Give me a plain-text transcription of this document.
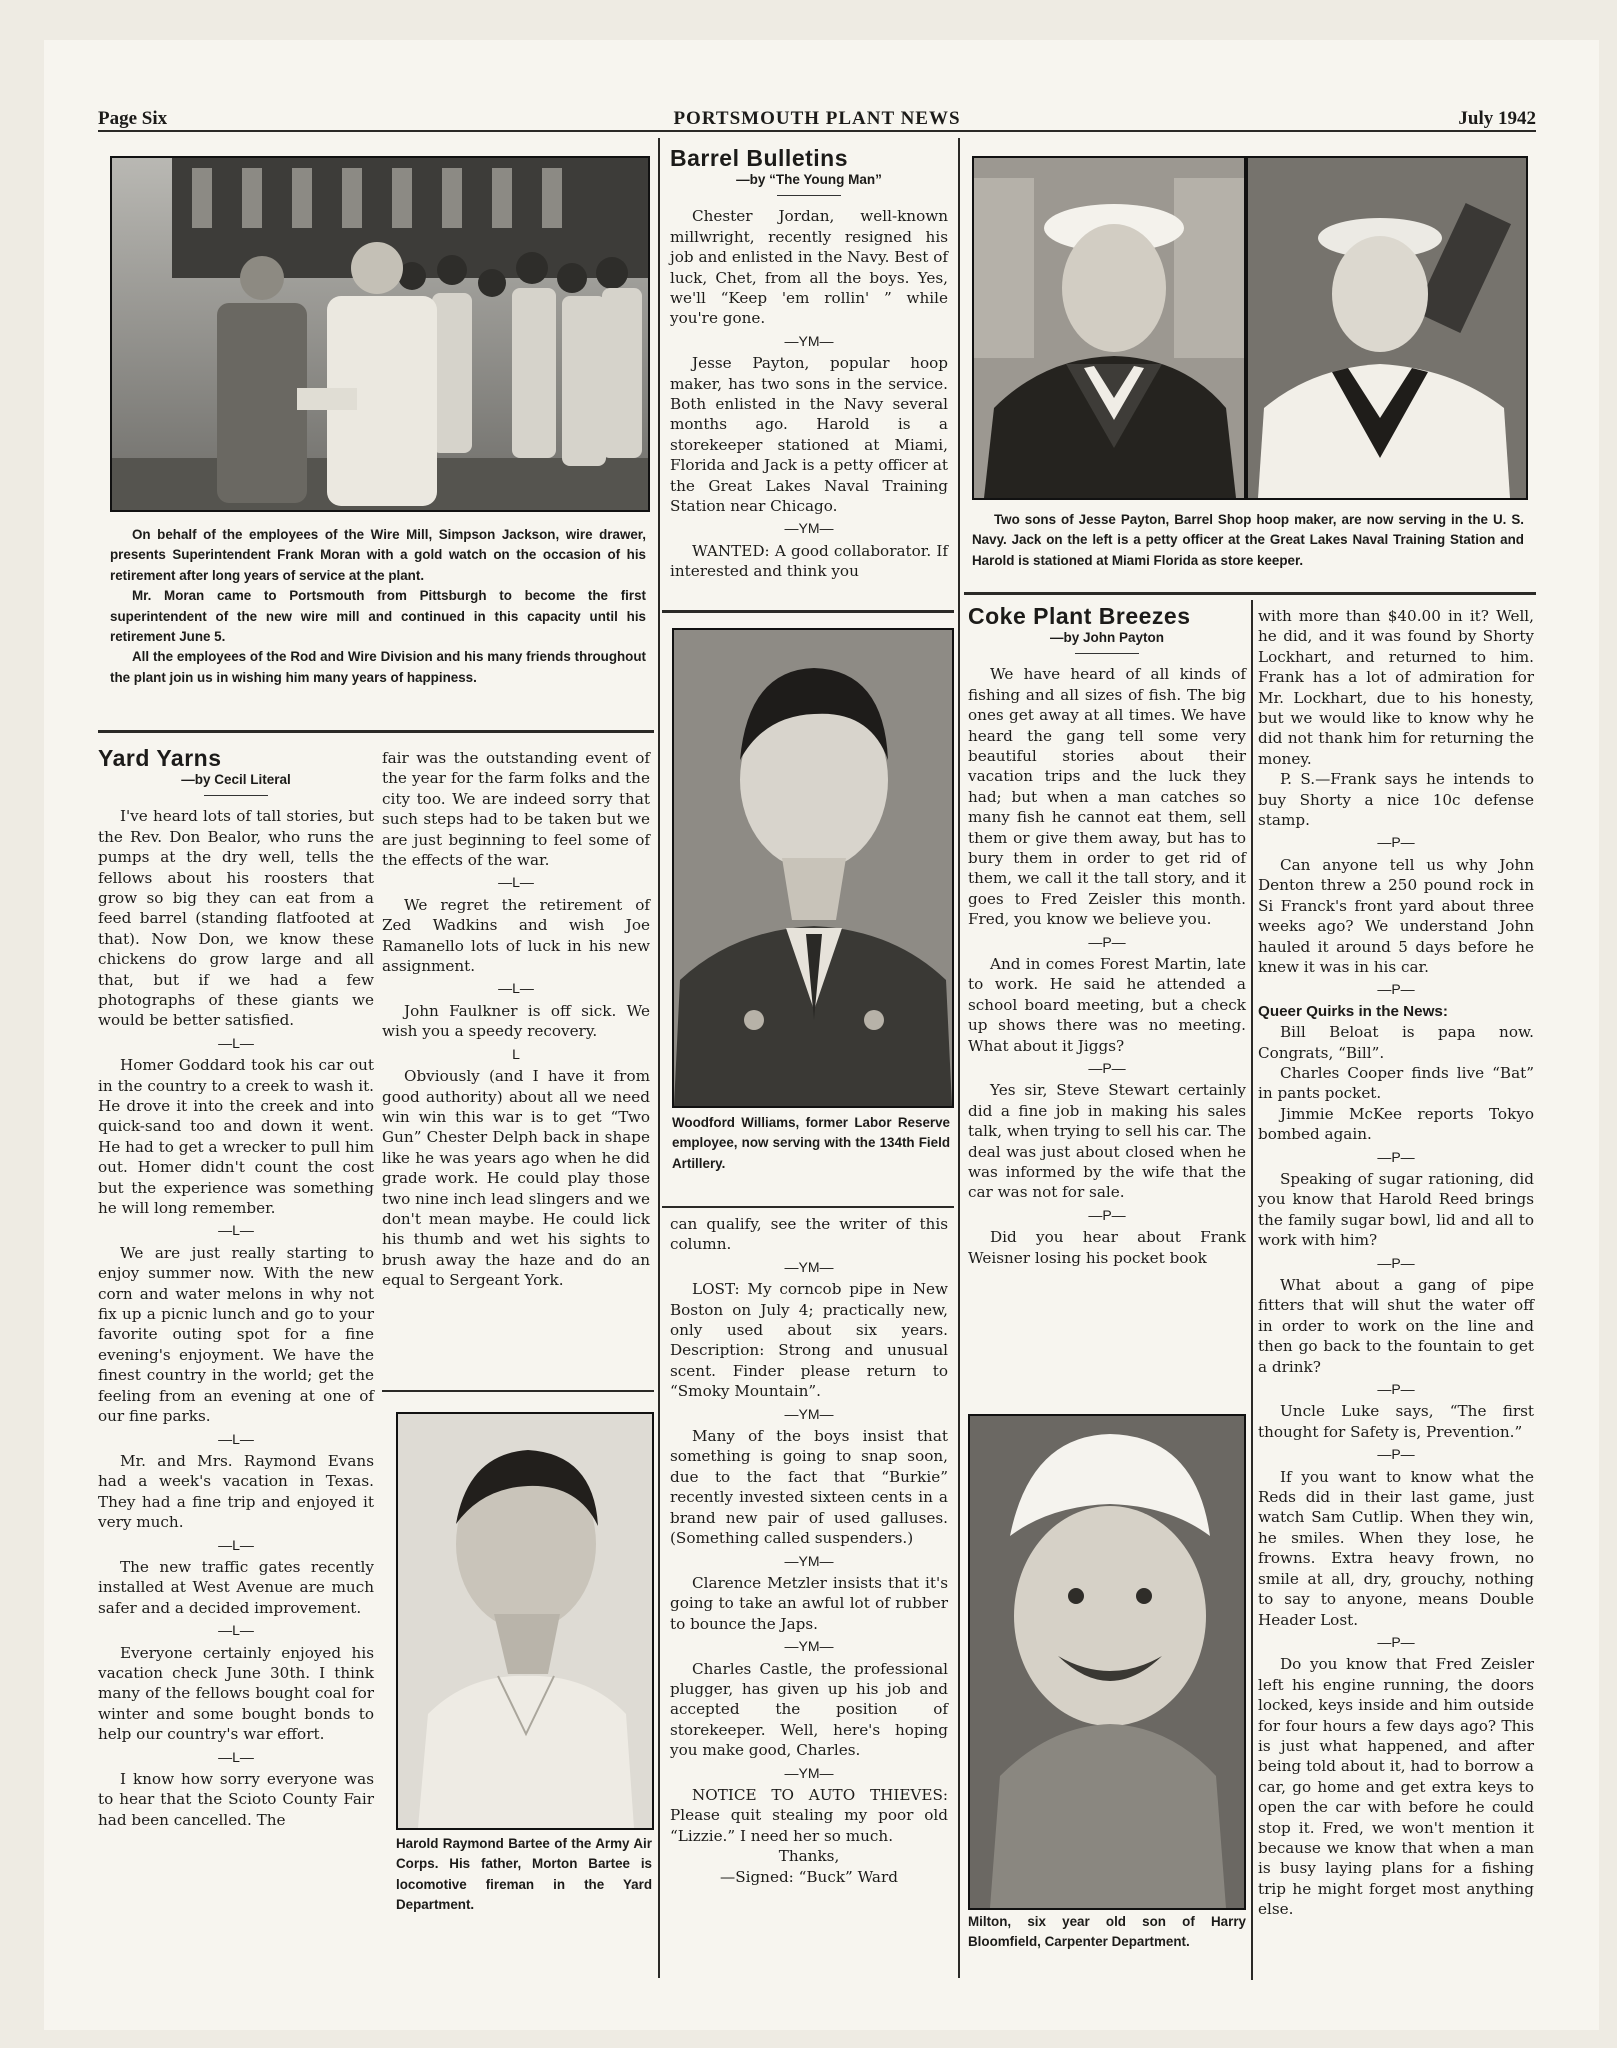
Page Six	PORTSMOUTH PLANT NEWS	July 1942

On behalf of the employees of the Wire Mill, Simpson Jackson, wire drawer, presents Superintendent Frank Moran with a gold watch on the occasion of his retirement after long years of service at the plant.

Mr. Moran came to Portsmouth from Pittsburgh to become the first superintendent of the new wire mill and continued in this capacity until his retirement June 5.

All the employees of the Rod and Wire Division and his many friends throughout the plant join us in wishing him many years of happiness.

Yard Yarns
—by Cecil Literal

I've heard lots of tall stories, but the Rev. Don Bealor, who runs the pumps at the dry well, tells the fellows about his roosters that grow so big they can eat from a feed barrel (standing flatfooted at that). Now Don, we know these chickens do grow large and all that, but if we had a few photographs of these giants we would be better satisfied.

—L—

Homer Goddard took his car out in the country to a creek to wash it. He drove it into the creek and into quick-sand too and down it went. He had to get a wrecker to pull him out. Homer didn't count the cost but the experience was something he will long remember.

—L—

We are just really starting to enjoy summer now. With the new corn and water melons in why not fix up a picnic lunch and go to your favorite outing spot for a fine evening's enjoyment. We have the finest country in the world; get the feeling from an evening at one of our fine parks.

—L—

Mr. and Mrs. Raymond Evans had a week's vacation in Texas. They had a fine trip and enjoyed it very much.

—L—

The new traffic gates recently installed at West Avenue are much safer and a decided improvement.

—L—

Everyone certainly enjoyed his vacation check June 30th. I think many of the fellows bought coal for winter and some bought bonds to help our country's war effort.

—L—

I know how sorry everyone was to hear that the Scioto County Fair had been cancelled. The

fair was the outstanding event of the year for the farm folks and the city too. We are indeed sorry that such steps had to be taken but we are just beginning to feel some of the effects of the war.

—L—

We regret the retirement of Zed Wadkins and wish Joe Ramanello lots of luck in his new assignment.

—L—

John Faulkner is off sick. We wish you a speedy recovery.

L

Obviously (and I have it from good authority) about all we need win win this war is to get “Two Gun” Chester Delph back in shape like he was years ago when he did grade work. He could play those two nine inch lead slingers and we don't mean maybe. He could lick his thumb and wet his sights to brush away the haze and do an equal to Sergeant York.

Harold Raymond Bartee of the Army Air Corps. His father, Morton Bartee is locomotive fireman in the Yard Department.

Barrel Bulletins
—by “The Young Man”

Chester Jordan, well-known millwright, recently resigned his job and enlisted in the Navy. Best of luck, Chet, from all the boys. Yes, we'll “Keep 'em rollin' ” while you're gone.

—YM—

Jesse Payton, popular hoop maker, has two sons in the service. Both enlisted in the Navy several months ago. Harold is a storekeeper stationed at Miami, Florida and Jack is a petty officer at the Great Lakes Naval Training Station near Chicago.

—YM—

WANTED: A good collaborator. If interested and think you

Woodford Williams, former Labor Reserve employee, now serving with the 134th Field Artillery.

can qualify, see the writer of this column.

—YM—

LOST: My corncob pipe in New Boston on July 4; practically new, only used about six years. Description: Strong and unusual scent. Finder please return to “Smoky Mountain”.

—YM—

Many of the boys insist that something is going to snap soon, due to the fact that “Burkie” recently invested sixteen cents in a brand new pair of used galluses. (Something called suspenders.)

—YM—

Clarence Metzler insists that it's going to take an awful lot of rubber to bounce the Japs.

—YM—

Charles Castle, the professional plugger, has given up his job and accepted the position of storekeeper. Well, here's hoping you make good, Charles.

—YM—

NOTICE TO AUTO THIEVES: Please quit stealing my poor old “Lizzie.” I need her so much.

Thanks,
—Signed: “Buck” Ward

Two sons of Jesse Payton, Barrel Shop hoop maker, are now serving in the U. S. Navy. Jack on the left is a petty officer at the Great Lakes Naval Training Station and Harold is stationed at Miami Florida as store keeper.

Coke Plant Breezes
—by John Payton

We have heard of all kinds of fishing and all sizes of fish. The big ones get away at all times. We have heard the gang tell some very beautiful stories about their vacation trips and the luck they had; but when a man catches so many fish he cannot eat them, sell them or give them away, but has to bury them in order to get rid of them, we call it the tall story, and it goes to Fred Zeisler this month. Fred, you know we believe you.

—P—

And in comes Forest Martin, late to work. He said he attended a school board meeting, but a check up shows there was no meeting. What about it Jiggs?

—P—

Yes sir, Steve Stewart certainly did a fine job in making his sales talk, when trying to sell his car. The deal was just about closed when he was informed by the wife that the car was not for sale.

—P—

Did you hear about Frank Weisner losing his pocket book

with more than $40.00 in it? Well, he did, and it was found by Shorty Lockhart, and returned to him. Frank has a lot of admiration for Mr. Lockhart, due to his honesty, but we would like to know why he did not thank him for returning the money.

P. S.—Frank says he intends to buy Shorty a nice 10c defense stamp.

—P—

Can anyone tell us why John Denton threw a 250 pound rock in Si Franck's front yard about three weeks ago? We understand John hauled it around 5 days before he knew it was in his car.

—P—

Queer Quirks in the News:

Bill Beloat is papa now. Congrats, “Bill”.

Charles Cooper finds live “Bat” in pants pocket.

Jimmie McKee reports Tokyo bombed again.

—P—

Speaking of sugar rationing, did you know that Harold Reed brings the family sugar bowl, lid and all to work with him?

—P—

What about a gang of pipe fitters that will shut the water off in order to work on the line and then go back to the fountain to get a drink?

—P—

Uncle Luke says, “The first thought for Safety is, Prevention.”

—P—

If you want to know what the Reds did in their last game, just watch Sam Cutlip. When they win, he smiles. When they lose, he frowns. Extra heavy frown, no smile at all, dry, grouchy, nothing to say to anyone, means Double Header Lost.

—P—

Do you know that Fred Zeisler left his engine running, the doors locked, keys inside and him outside for four hours a few days ago? This is just what happened, and after being told about it, had to borrow a car, go home and get extra keys to open the car with before he could stop it. Fred, we won't mention it because we know that when a man is busy laying plans for a fishing trip he might forget most anything else.

Milton, six year old son of Harry Bloomfield, Carpenter Department.
